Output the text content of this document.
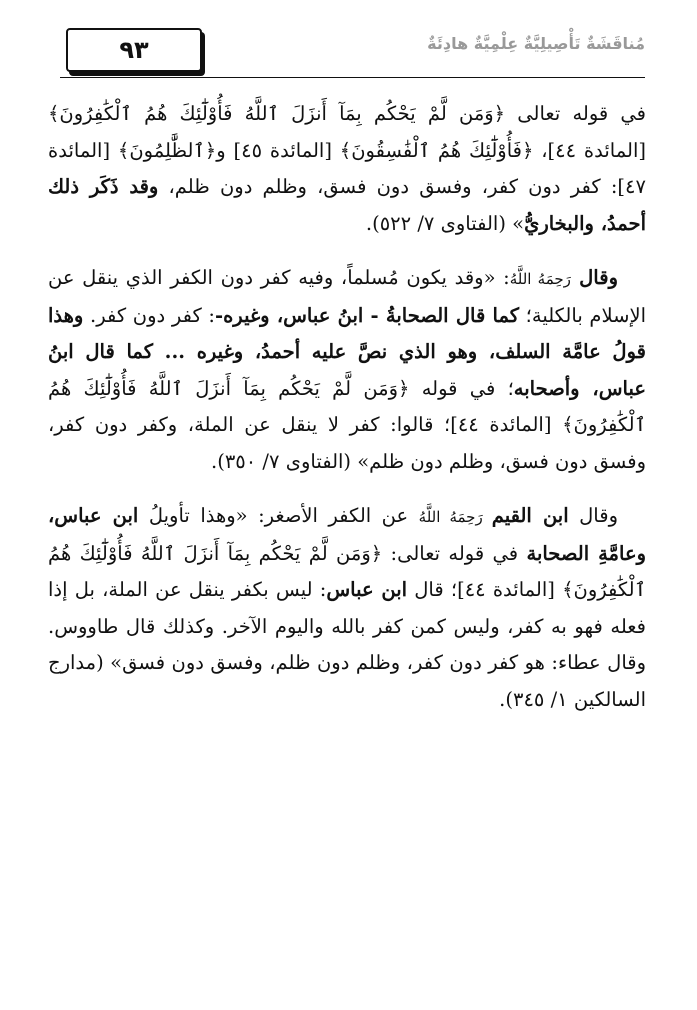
٩٣	مُناقَشَةٌ تَأْصِيلِيَّةٌ عِلْمِيَّةٌ هادِئَةٌ

في قوله تعالى ﴿وَمَن لَّمْ يَحْكُم بِمَآ أَنزَلَ ٱللَّهُ فَأُوْلَٰٓئِكَ هُمُ ٱلْكَٰفِرُونَ﴾ [المائدة ٤٤]، ﴿فَأُوْلَٰٓئِكَ هُمُ ٱلْفَٰسِقُونَ﴾ [المائدة ٤٥] و﴿ٱلظَّٰلِمُونَ﴾ [المائدة ٤٧]: كفر دون كفر، وفسق دون فسق، وظلم دون ظلم، وقد ذَكَر ذلك أحمدُ، والبخاريُّ» (الفتاوى ٧/ ٥٢٢).

وقال رَحِمَهُ اللَّهُ: «وقد يكون مُسلماً، وفيه كفر دون الكفر الذي ينقل عن الإسلام بالكلية؛ كما قال الصحابةُ - ابنُ عباس، وغيره-: كفر دون كفر. وهذا قولُ عامَّة السلف، وهو الذي نصَّ عليه أحمدُ، وغيره ... كما قال ابنُ عباس، وأصحابه؛ في قوله ﴿وَمَن لَّمْ يَحْكُم بِمَآ أَنزَلَ ٱللَّهُ فَأُوْلَٰٓئِكَ هُمُ ٱلْكَٰفِرُونَ﴾ [المائدة ٤٤]؛ قالوا: كفر لا ينقل عن الملة، وكفر دون كفر، وفسق دون فسق، وظلم دون ظلم» (الفتاوى ٧/ ٣٥٠).

وقال ابن القيم رَحِمَهُ اللَّهُ عن الكفر الأصغر: «وهذا تأويلُ ابن عباس، وعامَّةِ الصحابة في قوله تعالى: ﴿وَمَن لَّمْ يَحْكُم بِمَآ أَنزَلَ ٱللَّهُ فَأُوْلَٰٓئِكَ هُمُ ٱلْكَٰفِرُونَ﴾ [المائدة ٤٤]؛ قال ابن عباس: ليس بكفر ينقل عن الملة، بل إذا فعله فهو به كفر، وليس كمن كفر بالله واليوم الآخر. وكذلك قال طاووس. وقال عطاء: هو كفر دون كفر، وظلم دون ظلم، وفسق دون فسق» (مدارج السالكين ١/ ٣٤٥).
